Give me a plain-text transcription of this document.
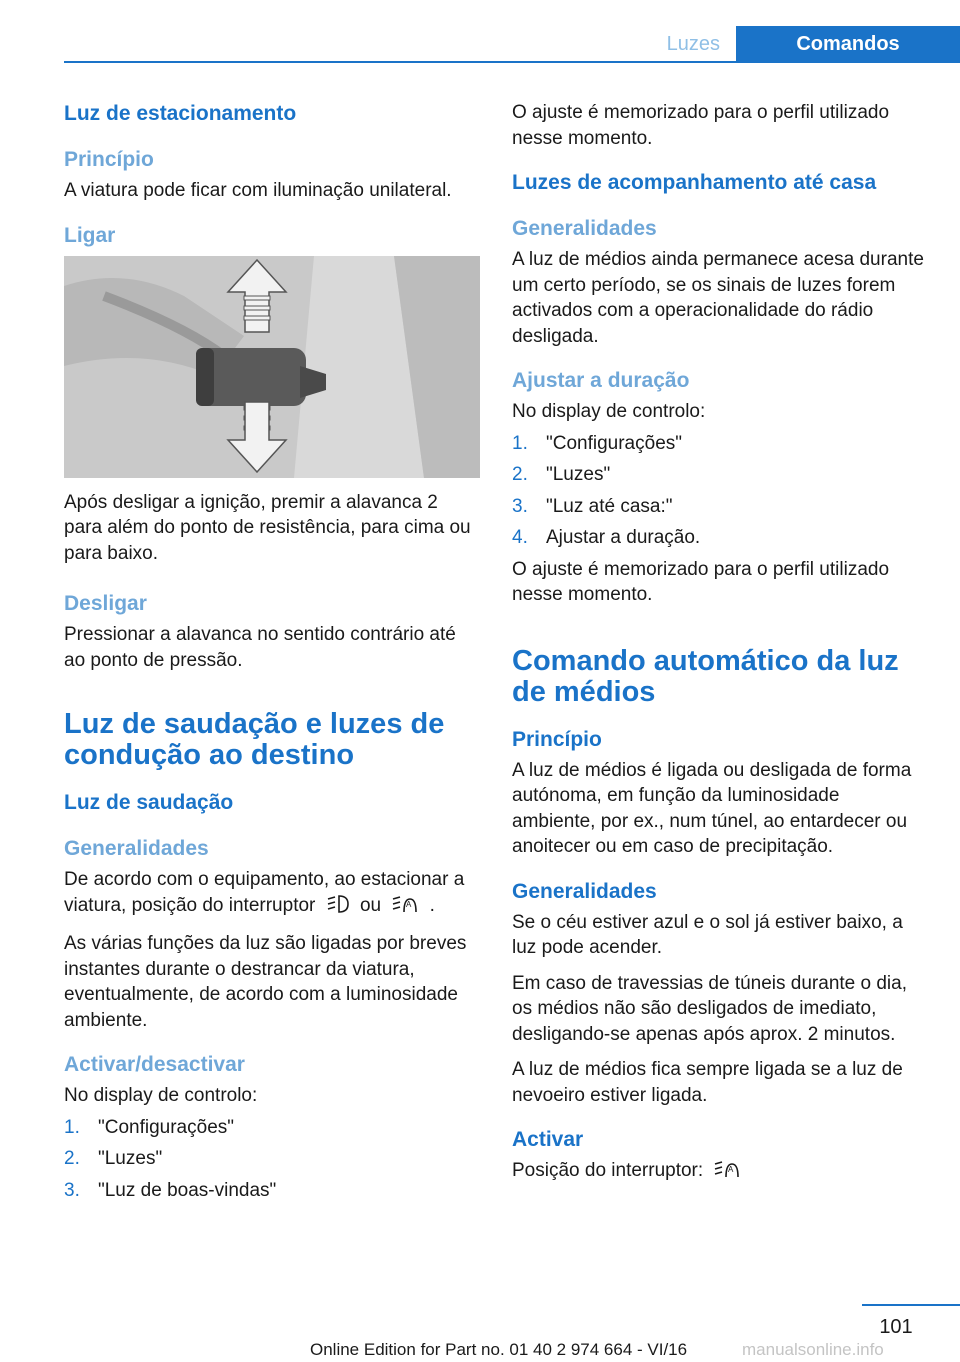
Luzes	Comandos
Luz de estacionamento
Princípio

A viatura pode ficar com iluminação unilateral.

Ligar

Após desligar a ignição, premir a alavanca 2 para além do ponto de resistência, para cima ou para baixo.

Desligar

Pressionar a alavanca no sentido contrário até ao ponto de pressão.

Luz de saudação e luzes de condução ao destino
Luz de saudação
Generalidades

De acordo com o equipamento, ao estacionar a viatura, posição do interruptor ou	A .

As várias funções da luz são ligadas por breves instantes durante o destrancar da viatura, eventualmente, de acordo com a luminosidade ambiente.

Activar/desactivar

No display de controlo:

1. "Configurações"
2. "Luzes"
3. "Luz de boas-vindas"

O ajuste é memorizado para o perfil utilizado nesse momento.

Luzes de acompanhamento até casa
Generalidades

A luz de médios ainda permanece acesa durante um certo período, se os sinais de luzes forem activados com a operacionalidade do rádio desligada.

Ajustar a duração

No display de controlo:

1. "Configurações"
2. "Luzes"
3. "Luz até casa:"
4. Ajustar a duração.

O ajuste é memorizado para o perfil utilizado nesse momento.

Comando automático da luz de médios
Princípio

A luz de médios é ligada ou desligada de forma autónoma, em função da luminosidade ambiente, por ex., num túnel, ao entardecer ou anoitecer ou em caso de precipitação.

Generalidades

Se o céu estiver azul e o sol já estiver baixo, a luz pode acender.

Em caso de travessias de túneis durante o dia, os médios não são desligados de imediato, desligando-se apenas após aprox. 2 minutos.

A luz de médios fica sempre ligada se a luz de nevoeiro estiver ligada.

Activar

Posição do interruptor:	A

101
Online Edition for Part no. 01 40 2 974 664 - VI/16	manualsonline.info
